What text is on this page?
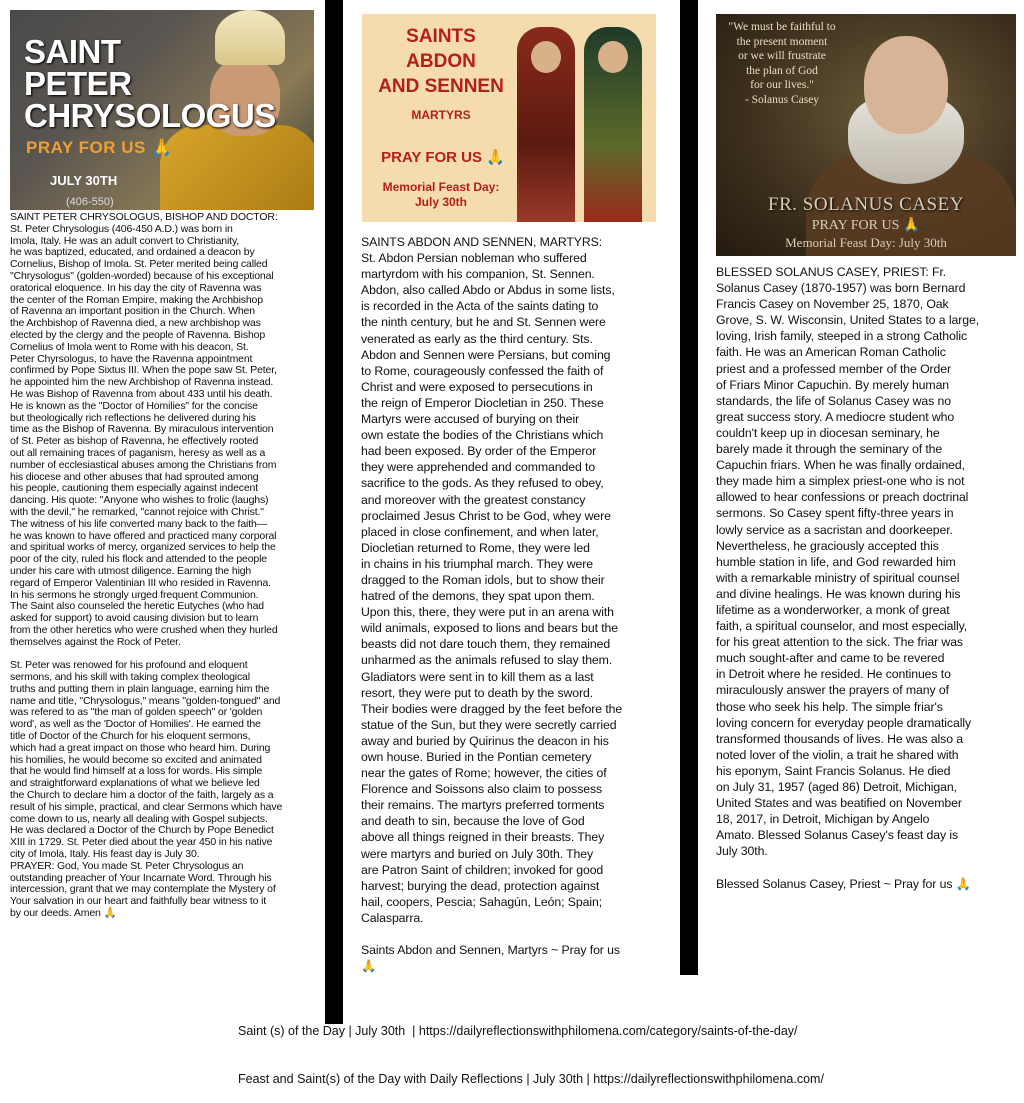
SAINT
PETER
CHRYSOLOGUS
PRAY FOR US 🙏
JULY 30TH
(406-550)
SAINTS
ABDON
AND SENNEN
MARTYRS
PRAY FOR US 🙏
Memorial Feast Day:
July 30th
"We must be faithful to
the present moment
or we will frustrate
the plan of God
for our lives."
- Solanus Casey
FR. SOLANUS CASEY
PRAY FOR US 🙏
Memorial Feast Day: July 30th
SAINT PETER CHRYSOLOGUS, BISHOP AND DOCTOR:
St. Peter Chrysologus (406-450 A.D.) was born in
Imola, Italy. He was an adult convert to Christianity,
he was baptized, educated, and ordained a deacon by
Cornelius, Bishop of Imola. St. Peter merited being called
"Chrysologus" (golden-worded) because of his exceptional
oratorical eloquence. In his day the city of Ravenna was
the center of the Roman Empire, making the Archbishop
of Ravenna an important position in the Church. When
the Archbishop of Ravenna died, a new archbishop was
elected by the clergy and the people of Ravenna. Bishop
Cornelius of Imola went to Rome with his deacon, St.
Peter Chyrsologus, to have the Ravenna appointment
confirmed by Pope Sixtus III. When the pope saw St. Peter,
he appointed him the new Archbishop of Ravenna instead.
He was Bishop of Ravenna from about 433 until his death.
He is known as the "Doctor of Homilies" for the concise
but theologically rich reflections he delivered during his
time as the Bishop of Ravenna. By miraculous intervention
of St. Peter as bishop of Ravenna, he effectively rooted
out all remaining traces of paganism, heresy as well as a
number of ecclesiastical abuses among the Christians from
his diocese and other abuses that had sprouted among
his people, cautioning them especially against indecent
dancing. His quote: "Anyone who wishes to frolic (laughs)
with the devil," he remarked, "cannot rejoice with Christ."
The witness of his life converted many back to the faith—
he was known to have offered and practiced many corporal
and spiritual works of mercy, organized services to help the
poor of the city, ruled his flock and attended to the people
under his care with utmost diligence. Earning the high
regard of Emperor Valentinian III who resided in Ravenna.
In his sermons he strongly urged frequent Communion.
The Saint also counseled the heretic Eutyches (who had
asked for support) to avoid causing division but to learn
from the other heretics who were crushed when they hurled
themselves against the Rock of Peter.

St. Peter was renowed for his profound and eloquent
sermons, and his skill with taking complex theological
truths and putting them in plain language, earning him the
name and title, "Chrysologus," means "golden-tongued" and
was refered to as "the man of golden speech" or 'golden
word', as well as the 'Doctor of Homilies'. He earned the
title of Doctor of the Church for his eloquent sermons,
which had a great impact on those who heard him. During
his homilies, he would become so excited and animated
that he would find himself at a loss for words. His simple
and straightforward explanations of what we believe led
the Church to declare him a doctor of the faith, largely as a
result of his simple, practical, and clear Sermons which have
come down to us, nearly all dealing with Gospel subjects.
He was declared a Doctor of the Church by Pope Benedict
XIII in 1729. St. Peter died about the year 450 in his native
city of Imola, Italy. His feast day is July 30.
PRAYER: God, You made St. Peter Chrysologus an
outstanding preacher of Your Incarnate Word. Through his
intercession, grant that we may contemplate the Mystery of
Your salvation in our heart and faithfully bear witness to it
by our deeds. Amen 🙏
SAINTS ABDON AND SENNEN, MARTYRS:
St. Abdon Persian nobleman who suffered
martyrdom with his companion, St. Sennen.
Abdon, also called Abdo or Abdus in some lists,
is recorded in the Acta of the saints dating to
the ninth century, but he and St. Sennen were
venerated as early as the third century. Sts.
Abdon and Sennen were Persians, but coming
to Rome, courageously confessed the faith of
Christ and were exposed to persecutions in
the reign of Emperor Diocletian in 250. These
Martyrs were accused of burying on their
own estate the bodies of the Christians which
had been exposed. By order of the Emperor
they were apprehended and commanded to
sacrifice to the gods. As they refused to obey,
and moreover with the greatest constancy
proclaimed Jesus Christ to be God, whey were
placed in close confinement, and when later,
Diocletian returned to Rome, they were led
in chains in his triumphal march. They were
dragged to the Roman idols, but to show their
hatred of the demons, they spat upon them.
Upon this, there, they were put in an arena with
wild animals, exposed to lions and bears but the
beasts did not dare touch them, they remained
unharmed as the animals refused to slay them.
Gladiators were sent in to kill them as a last
resort, they were put to death by the sword.
Their bodies were dragged by the feet before the
statue of the Sun, but they were secretly carried
away and buried by Quirinus the deacon in his
own house. Buried in the Pontian cemetery
near the gates of Rome; however, the cities of
Florence and Soissons also claim to possess
their remains. The martyrs preferred torments
and death to sin, because the love of God
above all things reigned in their breasts. They
were martyrs and buried on July 30th. They
are Patron Saint of children; invoked for good
harvest; burying the dead, protection against
hail, coopers, Pescia; Sahagún, León; Spain;
Calasparra.

Saints Abdon and Sennen, Martyrs ~ Pray for us
🙏
BLESSED SOLANUS CASEY, PRIEST: Fr.
Solanus Casey (1870-1957) was born Bernard
Francis Casey on November 25, 1870, Oak
Grove, S. W. Wisconsin, United States to a large,
loving, Irish family, steeped in a strong Catholic
faith. He was an American Roman Catholic
priest and a professed member of the Order
of Friars Minor Capuchin. By merely human
standards, the life of Solanus Casey was no
great success story. A mediocre student who
couldn't keep up in diocesan seminary, he
barely made it through the seminary of the
Capuchin friars. When he was finally ordained,
they made him a simplex priest-one who is not
allowed to hear confessions or preach doctrinal
sermons. So Casey spent fifty-three years in
lowly service as a sacristan and doorkeeper.
Nevertheless, he graciously accepted this
humble station in life, and God rewarded him
with a remarkable ministry of spiritual counsel
and divine healings. He was known during his
lifetime as a wonderworker, a monk of great
faith, a spiritual counselor, and most especially,
for his great attention to the sick. The friar was
much sought-after and came to be revered
in Detroit where he resided. He continues to
miraculously answer the prayers of many of
those who seek his help. The simple friar's
loving concern for everyday people dramatically
transformed thousands of lives. He was also a
noted lover of the violin, a trait he shared with
his eponym, Saint Francis Solanus. He died
on July 31, 1957 (aged 86) Detroit, Michigan,
United States and was beatified on November
18, 2017, in Detroit, Michigan by Angelo
Amato. Blessed Solanus Casey's feast day is
July 30th.

Blessed Solanus Casey, Priest ~ Pray for us 🙏

Saint (s) of the Day | July 30th  | https://dailyreflectionswithphilomena.com/category/saints-of-the-day/

Feast and Saint(s) of the Day with Daily Reflections | July 30th | https://dailyreflectionswithphilomena.com/
